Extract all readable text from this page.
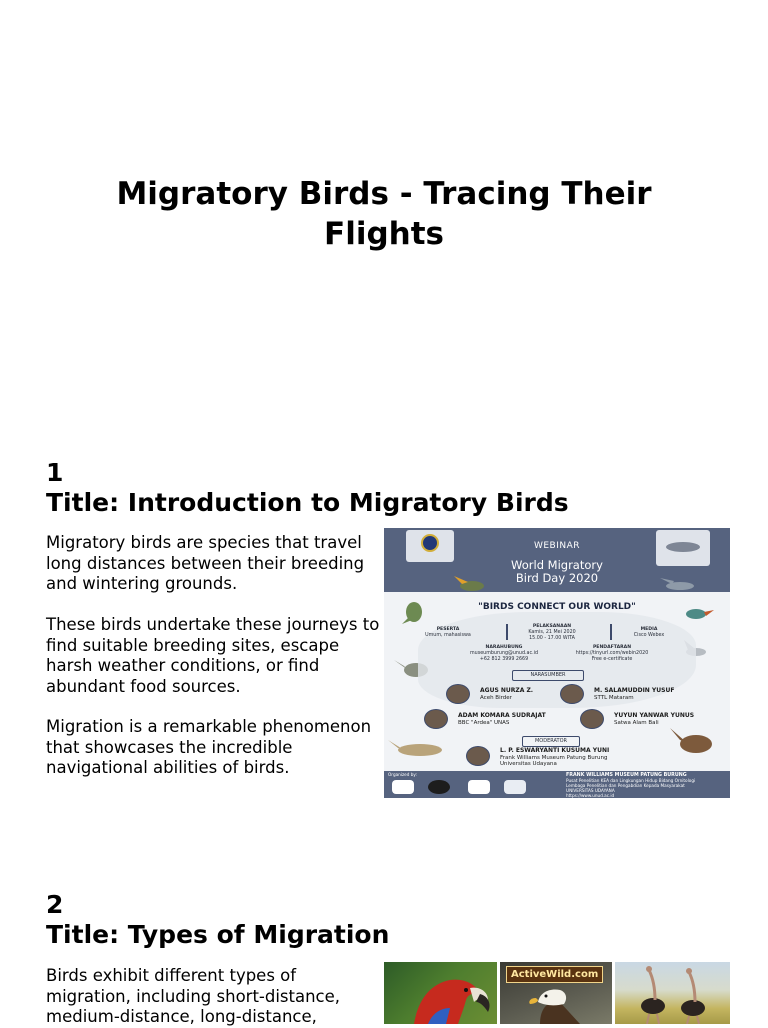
Migratory Birds - Tracing Their Flights
1
Title: Introduction to Migratory Birds

Migratory birds are species that travel long distances between their breeding and wintering grounds.

These birds undertake these journeys to find suitable breeding sites, escape harsh weather conditions, or find abundant food sources.

Migration is a remarkable phenomenon that showcases the incredible navigational abilities of birds.

WEBINAR
World Migratory
Bird Day 2020
"BIRDS CONNECT OUR WORLD"
PESERTA
Umum, mahasiswa
PELAKSANAAN
Kamis, 21 Mei 2020
15.00 - 17.00 WITA
MEDIA
Cisco Webex
NARAHUBUNG
museumburung@unud.ac.id
+62 812 3999 2669
PENDAFTARAN
https://tinyurl.com/webin2020
Free e-certificate
NARASUMBER
AGUS NURZA Z.
Aceh Birder
M. SALAMUDDIN YUSUF
STTL Mataram
ADAM KOMARA SUDRAJAT
BBC "Ardea" UNAS
YUYUN YANWAR YUNUS
Satwa Alam Bali
MODERATOR
L. P. ESWARYANTI KUSUMA YUNI
Frank Williams Museum Patung Burung
Universitas Udayana
Organized by:	FRANK WILLIAMS MUSEUM PATUNG BURUNG
Pusat Penelitian KEA dan Lingkungan Hidup Bidang Ornitologi
Lembaga Penelitian dan Pengabdian Kepada Masyarakat
UNIVERSITAS UDAYANA
https://www.unud.ac.id
2
Title: Types of Migration

Birds exhibit different types of migration, including short-distance, medium-distance, long-distance,

ActiveWild.com
